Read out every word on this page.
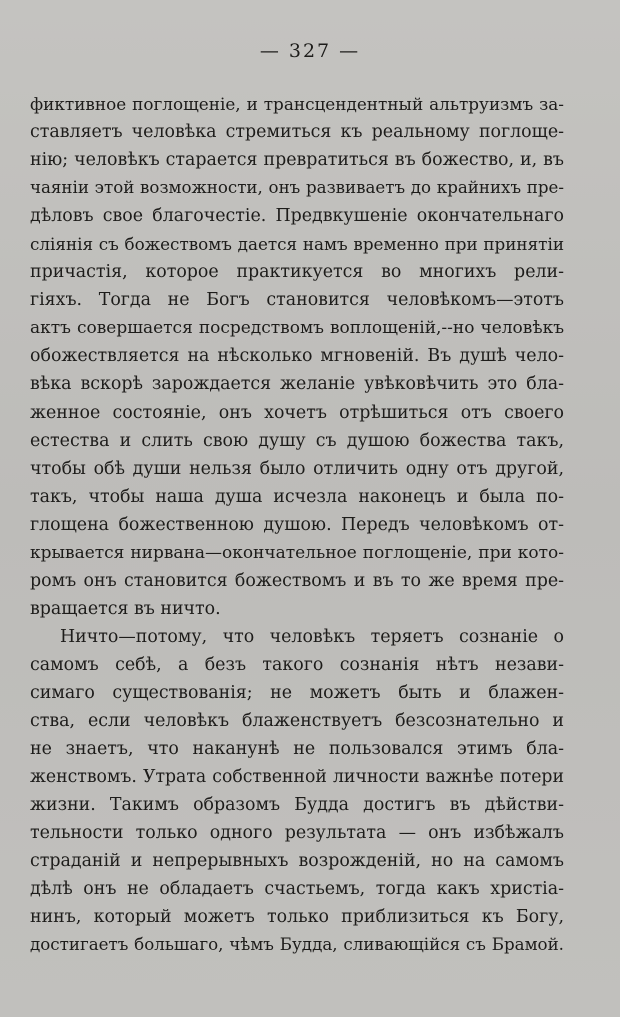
— 327 —
фиктивное поглощеніе, и трансцендентный альтруизмъ за-
ставляетъ человѣка стремиться къ реальному поглоще-
нію; человѣкъ старается превратиться въ божество, и, въ
чаяніи этой возможности, онъ развиваетъ до крайнихъ пре-
дѣловъ свое благочестіе. Предвкушеніе окончательнаго
слiянія съ божествомъ дается намъ временно при принятіи
причастія, которое практикуется во многихъ рели-
гіяхъ. Тогда не Богъ становится человѣкомъ—этотъ
актъ совершается посредствомъ воплощеній,--но человѣкъ
обожествляется на нѣсколько мгновеній. Въ душѣ чело-
вѣка вскорѣ зарождается желаніе увѣковѣчить это бла-
женное состояніе, онъ хочетъ отрѣшиться отъ своего
естества и слить свою душу съ душою божества такъ,
чтобы обѣ души нельзя было отличить одну отъ другой,
такъ, чтобы наша душа исчезла наконецъ и была по-
глощена божественною душою. Передъ человѣкомъ от-
крывается нирвана—окончательное поглощеніе, при кото-
ромъ онъ становится божествомъ и въ то же время пре-
вращается въ ничто.
Ничто—потому, что человѣкъ теряетъ сознаніе о
самомъ себѣ, а безъ такого сознанія нѣтъ незави-
симаго существованія; не можетъ быть и блажен-
ства, если человѣкъ блаженствуетъ безсознательно и
не знаетъ, что наканунѣ не пользовался этимъ бла-
женствомъ. Утрата собственной личности важнѣе потери
жизни. Такимъ образомъ Будда достигъ въ дѣйстви-
тельности только одного результата — онъ избѣжалъ
страданій и непрерывныхъ возрожденій, но на самомъ
дѣлѣ онъ не обладаетъ счастьемъ, тогда какъ христіа-
нинъ, который можетъ только приблизиться къ Богу,
достигаетъ большаго, чѣмъ Будда, сливающійся съ Брамой.
